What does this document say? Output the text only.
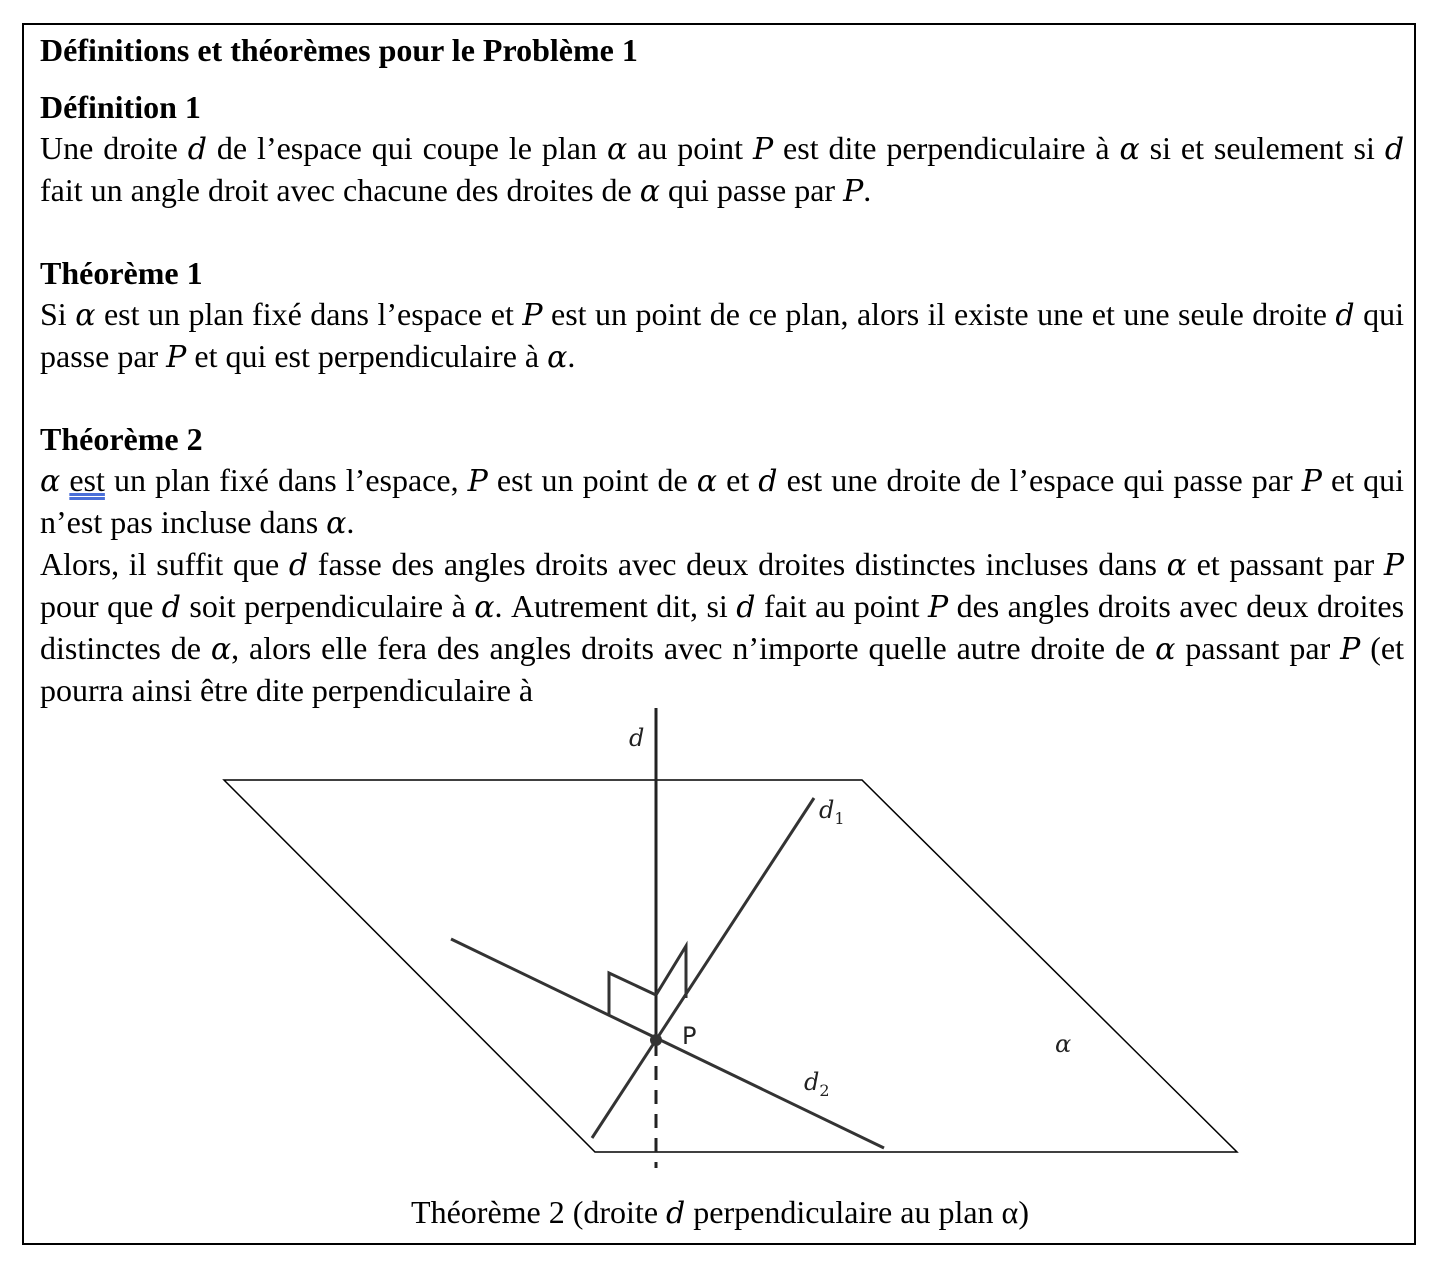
Définitions et théorèmes pour le Problème 1
Définition 1

Une droite d de l’espace qui coupe le plan α au point P est dite perpendiculaire à α si et seulement si d fait un angle droit avec chacune des droites de α qui passe par P.

Théorème 1

Si α est un plan fixé dans l’espace et P est un point de ce plan, alors il existe une et une seule droite d qui passe par P et qui est perpendiculaire à α.

Théorème 2

α est un plan fixé dans l’espace, P est un point de α et d est une droite de l’espace qui passe par P et qui n’est pas incluse dans α.

Alors, il suffit que d fasse des angles droits avec deux droites distinctes incluses dans α et passant par P pour que d soit perpendiculaire à α. Autrement dit, si d fait au point P des angles droits avec deux droites distinctes de α, alors elle fera des angles droits avec n’importe quelle autre droite de α passant par P (et pourra ainsi être dite perpendiculaire à

d
$d_1$
$d_2$
P	α
Théorème 2 (droite d perpendiculaire au plan α)
